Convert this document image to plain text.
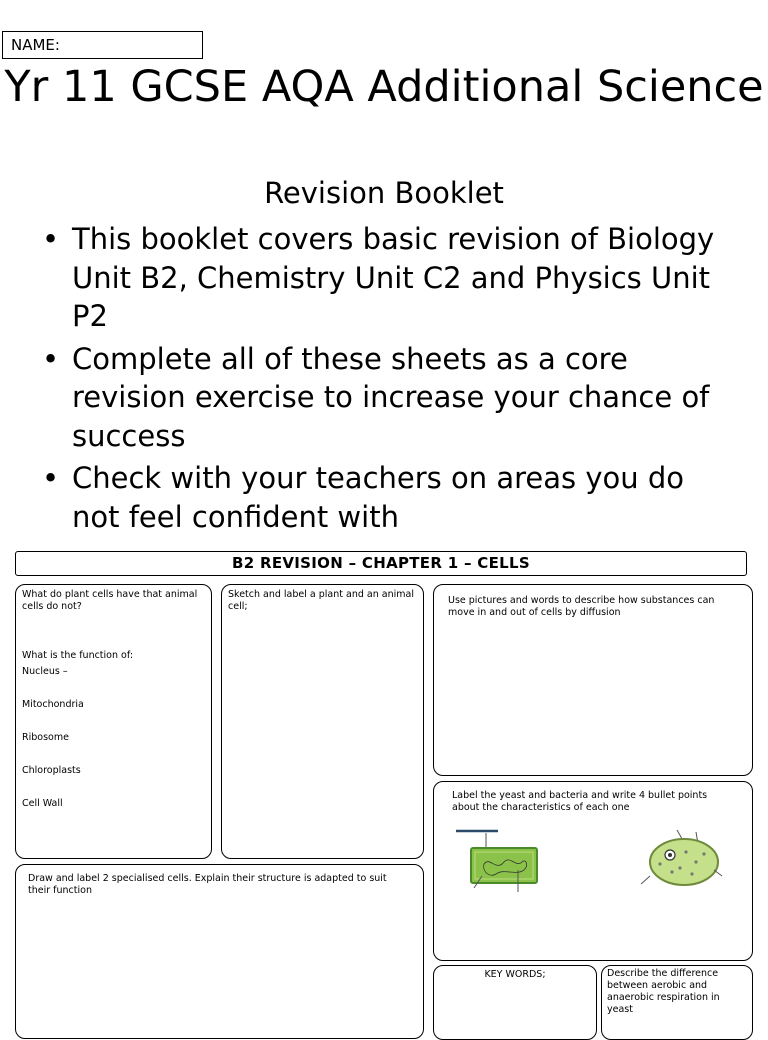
NAME:
Yr 11 GCSE AQA Additional Science
Revision Booklet
• This booklet covers basic revision of Biology Unit B2, Chemistry Unit C2 and Physics Unit P2
• Complete all of these sheets as a core revision exercise to increase your chance of success
• Check with your teachers on areas you do not feel confident with
B2 REVISION – CHAPTER 1 – CELLS

What do plant cells have that animal cells do not?

What is the function of:

Nucleus –

Mitochondria

Ribosome

Chloroplasts

Cell Wall

Sketch and label a plant and an animal cell;

Use pictures and words to describe how substances can move in and out of cells by diffusion

Label the yeast and bacteria and write 4 bullet points about the characteristics of each one

Draw and label 2 specialised cells. Explain their structure is adapted to suit their function

KEY WORDS;	Describe the difference between aerobic and anaerobic respiration in yeast
